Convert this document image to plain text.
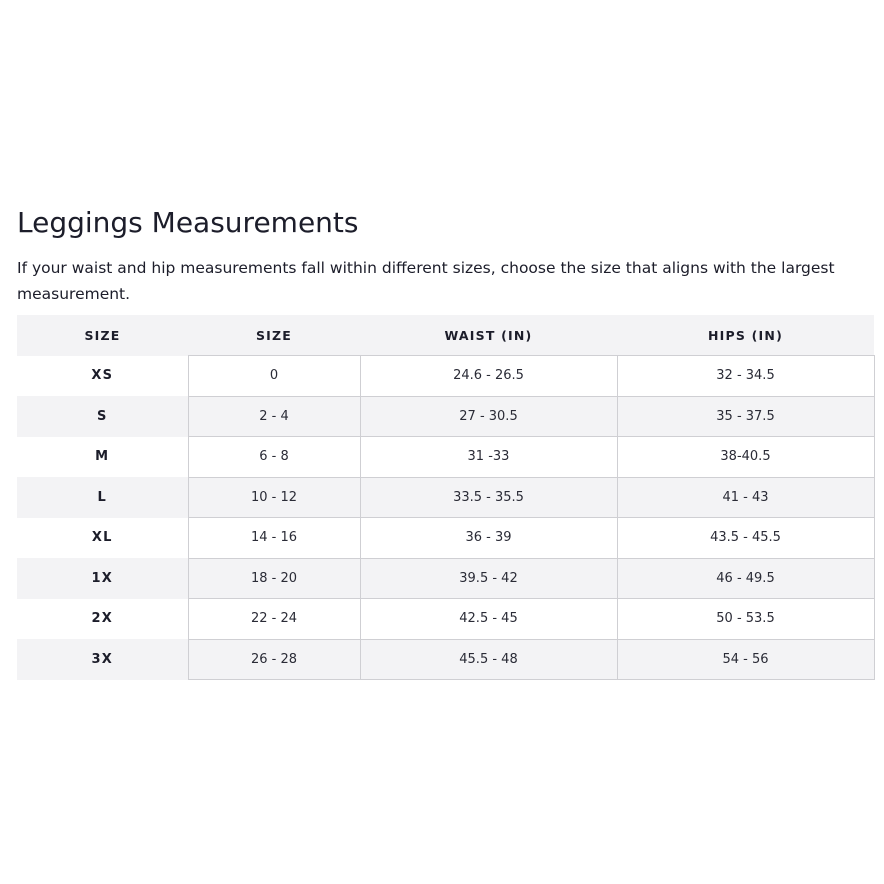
Leggings Measurements

If your waist and hip measurements fall within different sizes, choose the size that aligns with the largest measurement.

SIZE	SIZE	WAIST (IN)	HIPS (IN)
XS	0	24.6 - 26.5	32 - 34.5
S	2 - 4	27 - 30.5	35 - 37.5
M	6 - 8	31 -33	38-40.5
L	10 - 12	33.5 - 35.5	41 - 43
XL	14 - 16	36 - 39	43.5 - 45.5
1X	18 - 20	39.5 - 42	46 - 49.5
2X	22 - 24	42.5 - 45	50 - 53.5
3X	26 - 28	45.5 - 48	54 - 56
